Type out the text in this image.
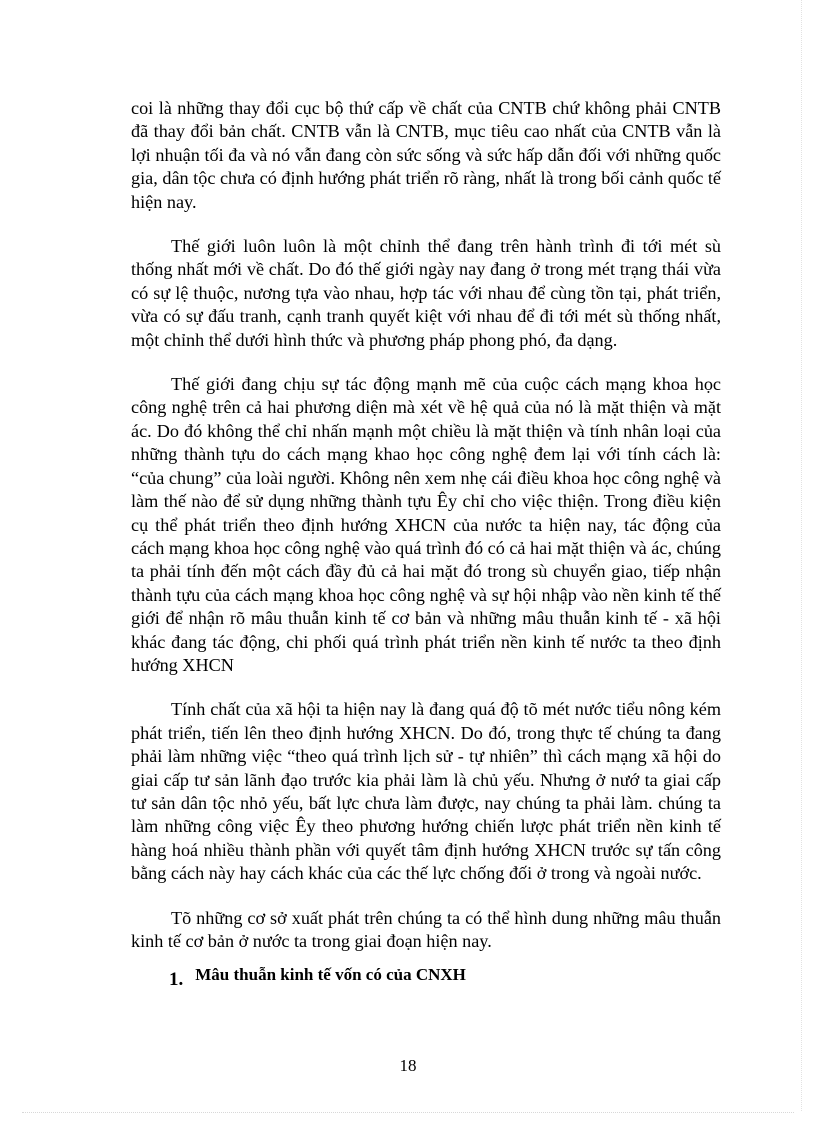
coi là những thay đổi cục bộ thứ cấp về chất của CNTB chứ không phải CNTB đã thay đổi bản chất. CNTB vẫn là CNTB, mục tiêu cao nhất của CNTB vẫn là lợi nhuận tối đa và nó vẫn đang còn sức sống và sức hấp dẫn đối với những quốc gia, dân tộc chưa có định hướng phát triển rõ ràng, nhất là trong bối cảnh quốc tế hiện nay.

Thế giới luôn luôn là một chỉnh thể đang trên hành trình đi tới mét sù thống nhất mới về chất. Do đó thế giới ngày nay đang ở trong mét trạng thái vừa có sự lệ thuộc, nương tựa vào nhau, hợp tác với nhau để cùng tồn tại, phát triển, vừa có sự đấu tranh, cạnh tranh quyết kiệt với nhau để đi tới mét sù thống nhất, một chỉnh thể dưới hình thức và phương pháp phong phó, đa dạng.

Thế giới đang chịu sự tác động mạnh mẽ của cuộc cách mạng khoa học công nghệ trên cả hai phương diện mà xét về hệ quả của nó là mặt thiện và mặt ác. Do đó không thể chỉ nhấn mạnh một chiều là mặt thiện và tính nhân loại của những thành tựu do cách mạng khao học công nghệ đem lại với tính cách là: “của chung” của loài người. Không nên xem nhẹ cái điều khoa học công nghệ và làm thế nào để sử dụng những thành tựu Êy chỉ cho việc thiện. Trong điều kiện cụ thể phát triển theo định hướng XHCN của nước ta hiện nay, tác động của cách mạng khoa học công nghệ vào quá trình đó có cả hai mặt thiện và ác, chúng ta phải tính đến một cách đầy đủ cả hai mặt đó trong sù chuyển giao, tiếp nhận thành tựu của cách mạng khoa học công nghệ và sự hội nhập vào nền kinh tế thế giới để nhận rõ mâu thuẫn kinh tế cơ bản và những mâu thuẫn kinh tế - xã hội khác đang tác động, chi phối quá trình phát triển nền kinh tế nước ta theo định hướng XHCN

Tính chất của xã hội ta hiện nay là đang quá độ tõ mét nước tiểu nông kém phát triển, tiến lên theo định hướng XHCN. Do đó, trong thực tế chúng ta đang phải làm những việc “theo quá trình lịch sử - tự nhiên” thì cách mạng xã hội do giai cấp tư sản lãnh đạo trước kia phải làm là chủ yếu. Nhưng ở nướ ta giai cấp tư sản dân tộc nhỏ yếu, bất lực chưa làm được, nay chúng ta phải làm. chúng ta làm những công việc Êy theo phương hướng chiến lược phát triển nền kinh tế hàng hoá nhiều thành phần với quyết tâm định hướng XHCN trước sự tấn công bằng cách này hay cách khác của các thế lực chống đối ở trong và ngoài nước.

Tõ những cơ sở xuất phát trên chúng ta có thể hình dung những mâu thuẫn kinh tế cơ bản ở nước ta trong giai đoạn hiện nay.

1. Mâu thuẫn kinh tế vốn có của CNXH
18
